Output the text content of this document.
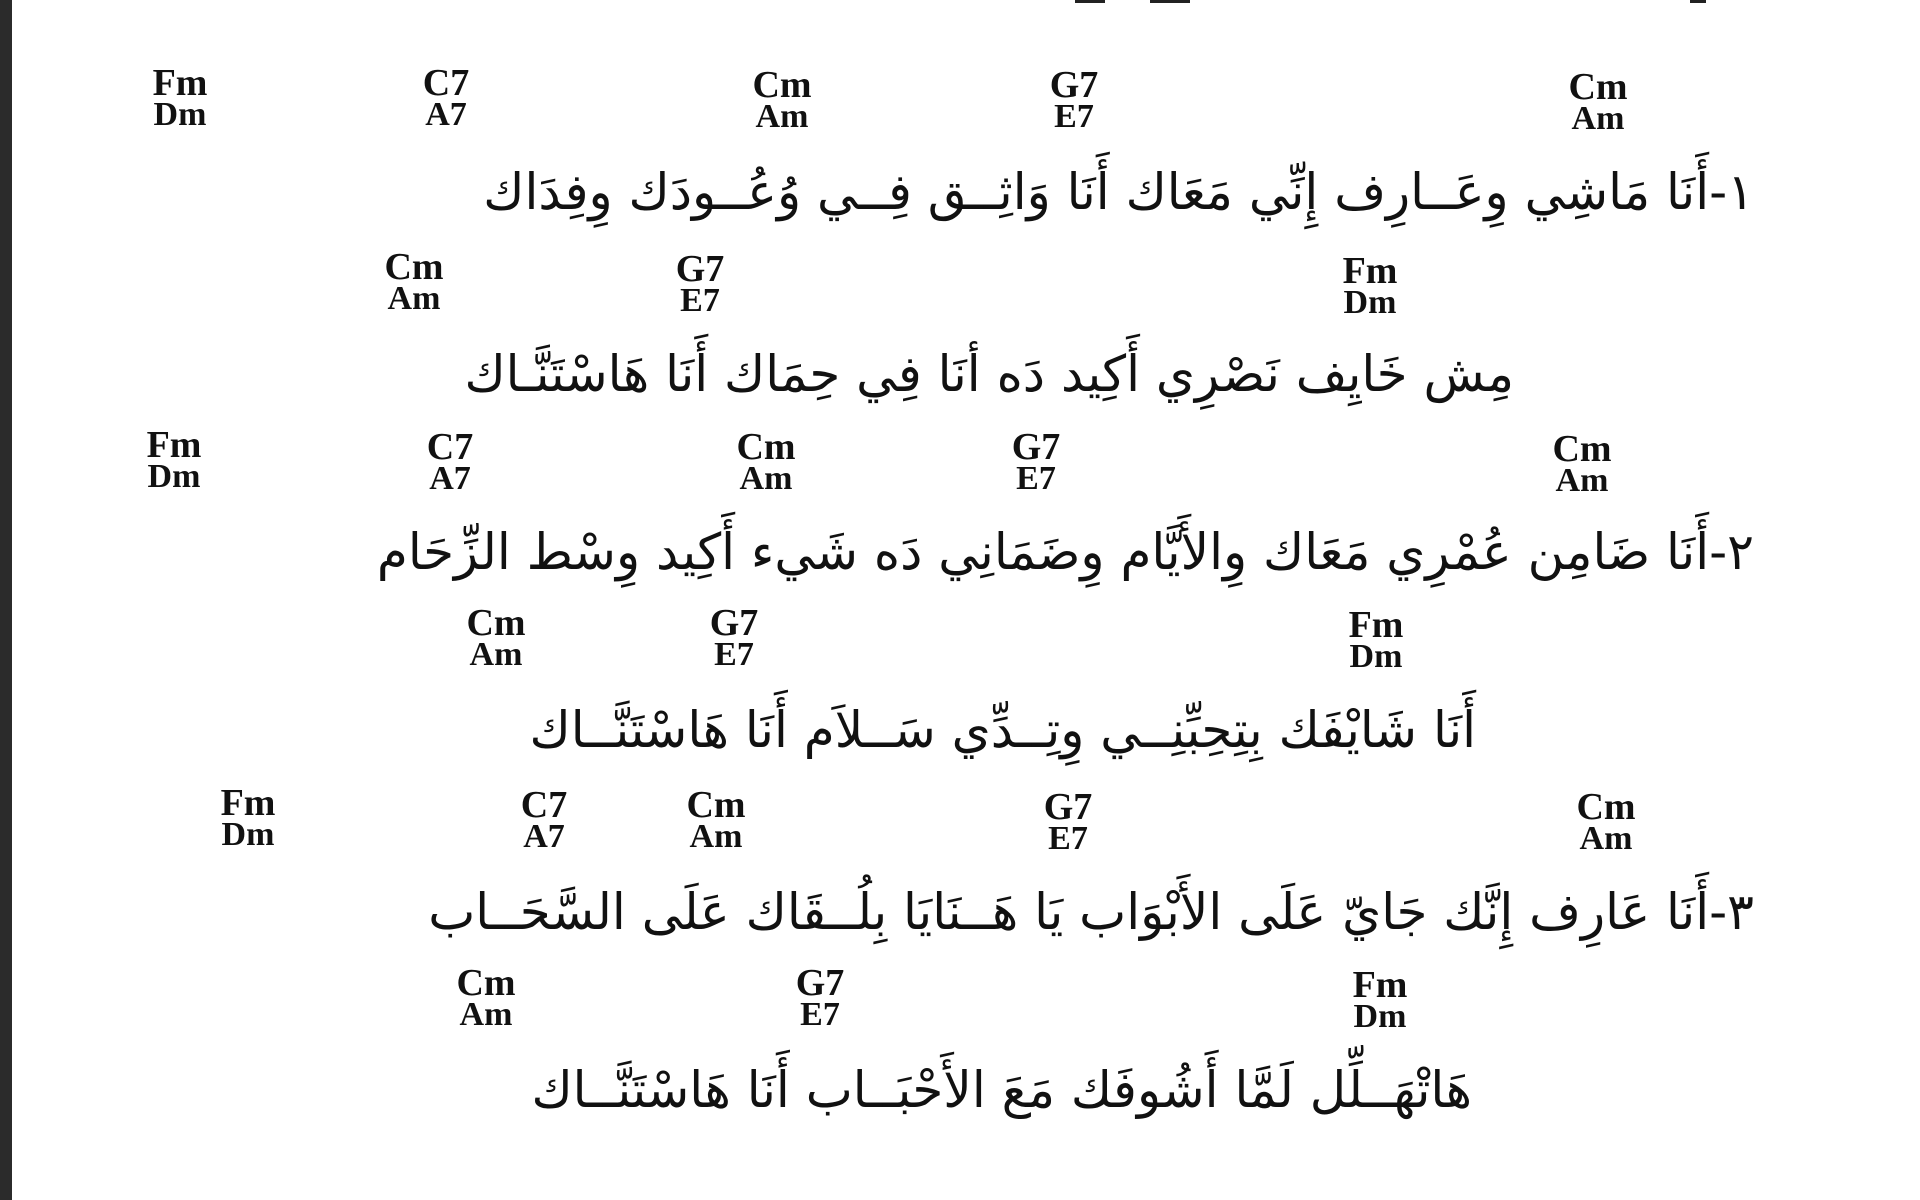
Fm
Dm
C7
A7
Cm
Am
G7
E7
Cm
Am
١-أَنَا مَاشِي وِعَــارِف إِنِّي مَعَاك أَنَا وَاثِــق فِــي وُعُــودَك وِفِدَاك
Cm
Am
G7
E7
Fm
Dm
مِش خَايِف نَصْرِي أَكِيد دَه أنَا فِي حِمَاك أَنَا هَاسْتَنَّـاك
Fm
Dm
C7
A7
Cm
Am
G7
E7
Cm
Am
٢-أَنَا ضَامِن عُمْرِي مَعَاك وِالأَيَّام وِضَمَانِي دَه شَيء أَكِيد وِسْط الزِّحَام
Cm
Am
G7
E7
Fm
Dm
أَنَا شَايْفَك بِتِحِبِّنِــي وِتِــدِّي سَــلاَم أَنَا هَاسْتَنَّــاك
Fm
Dm
C7
A7
Cm
Am
G7
E7
Cm
Am
٣-أَنَا عَارِف إِنَّك جَايّ عَلَى الأَبْوَاب يَا هَــنَايَا بِلُــقَاك عَلَى السَّحَــاب
Cm
Am
G7
E7
Fm
Dm
هَاتْهَــلِّل لَمَّا أَشُوفَك مَعَ الأَحْبَــاب أَنَا هَاسْتَنَّــاك
